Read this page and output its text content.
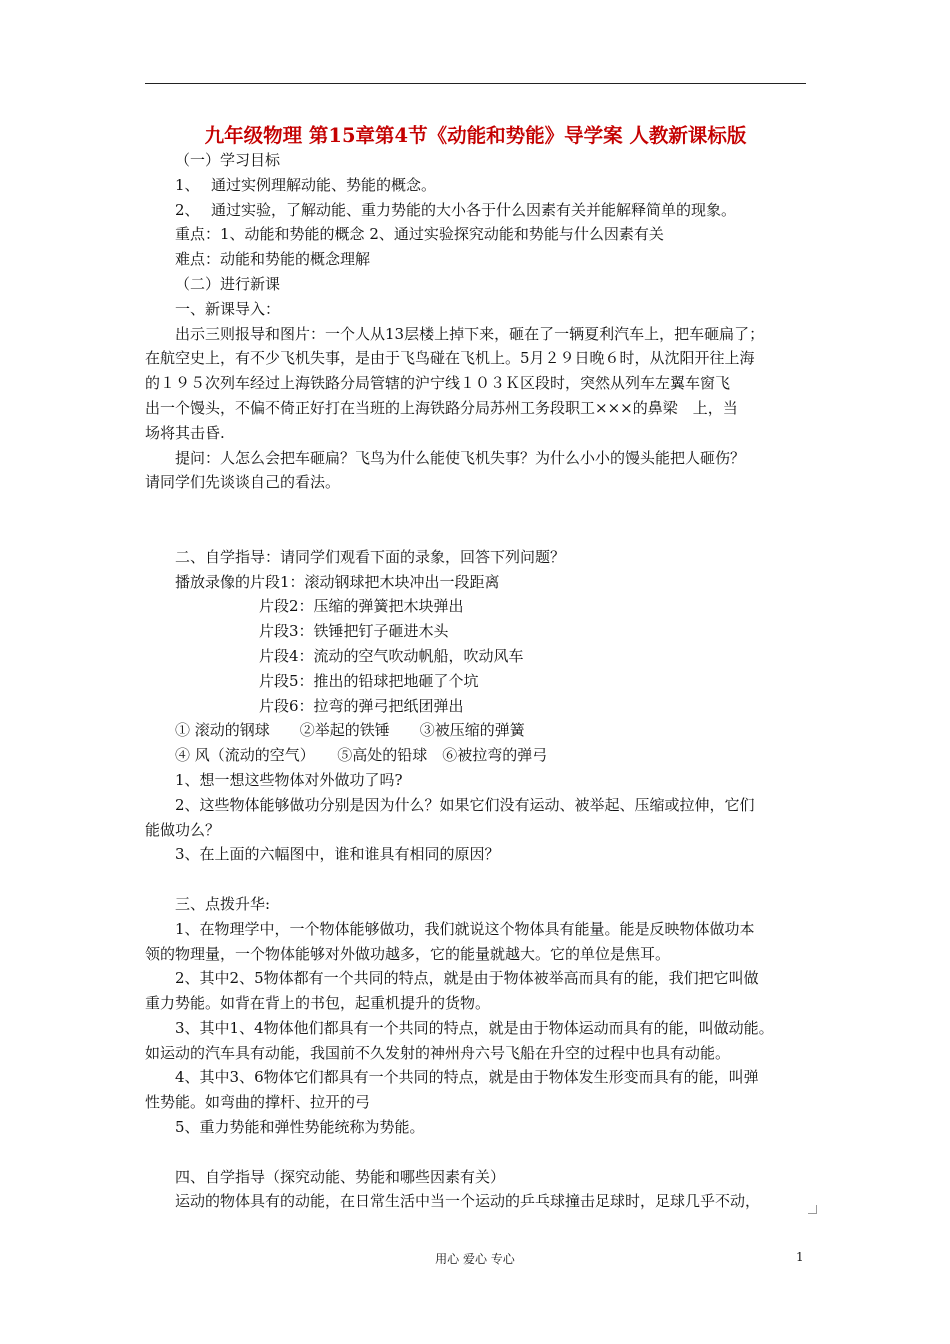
九年级物理 第15章第4节《动能和势能》导学案 人教新课标版

（一）学习目标

1、 通过实例理解动能、势能的概念。

2、 通过实验，了解动能、重力势能的大小各于什么因素有关并能解释简单的现象。

重点：1、动能和势能的概念 2、通过实验探究动能和势能与什么因素有关

难点：动能和势能的概念理解

（二）进行新课

一、新课导入：

出示三则报导和图片：一个人从13层楼上掉下来，砸在了一辆夏利汽车上，把车砸扁了；

在航空史上，有不少飞机失事，是由于飞鸟碰在飞机上。5月２９日晚６时，从沈阳开往上海

的１９５次列车经过上海铁路分局管辖的沪宁线１０３Ｋ区段时，突然从列车左翼车窗飞

出一个馒头，不偏不倚正好打在当班的上海铁路分局苏州工务段职工×××的鼻梁　上，当

场将其击昏.

提问：人怎么会把车砸扁？飞鸟为什么能使飞机失事？为什么小小的馒头能把人砸伤？

请同学们先谈谈自己的看法。

二、自学指导：请同学们观看下面的录象，回答下列问题？

播放录像的片段1：滚动钢球把木块冲出一段距离

片段2：压缩的弹簧把木块弹出

片段3：铁锤把钉子砸进木头

片段4：流动的空气吹动帆船，吹动风车

片段5：推出的铅球把地砸了个坑

片段6：拉弯的弹弓把纸团弹出

① 滚动的钢球　　②举起的铁锤　　③被压缩的弹簧

④ 风（流动的空气）　　⑤高处的铅球　⑥被拉弯的弹弓

1、想一想这些物体对外做功了吗?

2、这些物体能够做功分别是因为什么？如果它们没有运动、被举起、压缩或拉伸，它们

能做功么？

3、在上面的六幅图中，谁和谁具有相同的原因？

三、点拨升华:

1、在物理学中，一个物体能够做功，我们就说这个物体具有能量。能是反映物体做功本

领的物理量，一个物体能够对外做功越多，它的能量就越大。它的单位是焦耳。

2、其中2、5物体都有一个共同的特点，就是由于物体被举高而具有的能，我们把它叫做

重力势能。如背在背上的书包，起重机提升的货物。

3、其中1、4物体他们都具有一个共同的特点，就是由于物体运动而具有的能，叫做动能。

如运动的汽车具有动能，我国前不久发射的神州舟六号飞船在升空的过程中也具有动能。

4、其中3、6物体它们都具有一个共同的特点，就是由于物体发生形变而具有的能，叫弹

性势能。如弯曲的撑杆、拉开的弓

5、重力势能和弹性势能统称为势能。

四、自学指导（探究动能、势能和哪些因素有关）

运动的物体具有的动能，在日常生活中当一个运动的乒乓球撞击足球时，足球几乎不动，

用心 爱心 专心	1
